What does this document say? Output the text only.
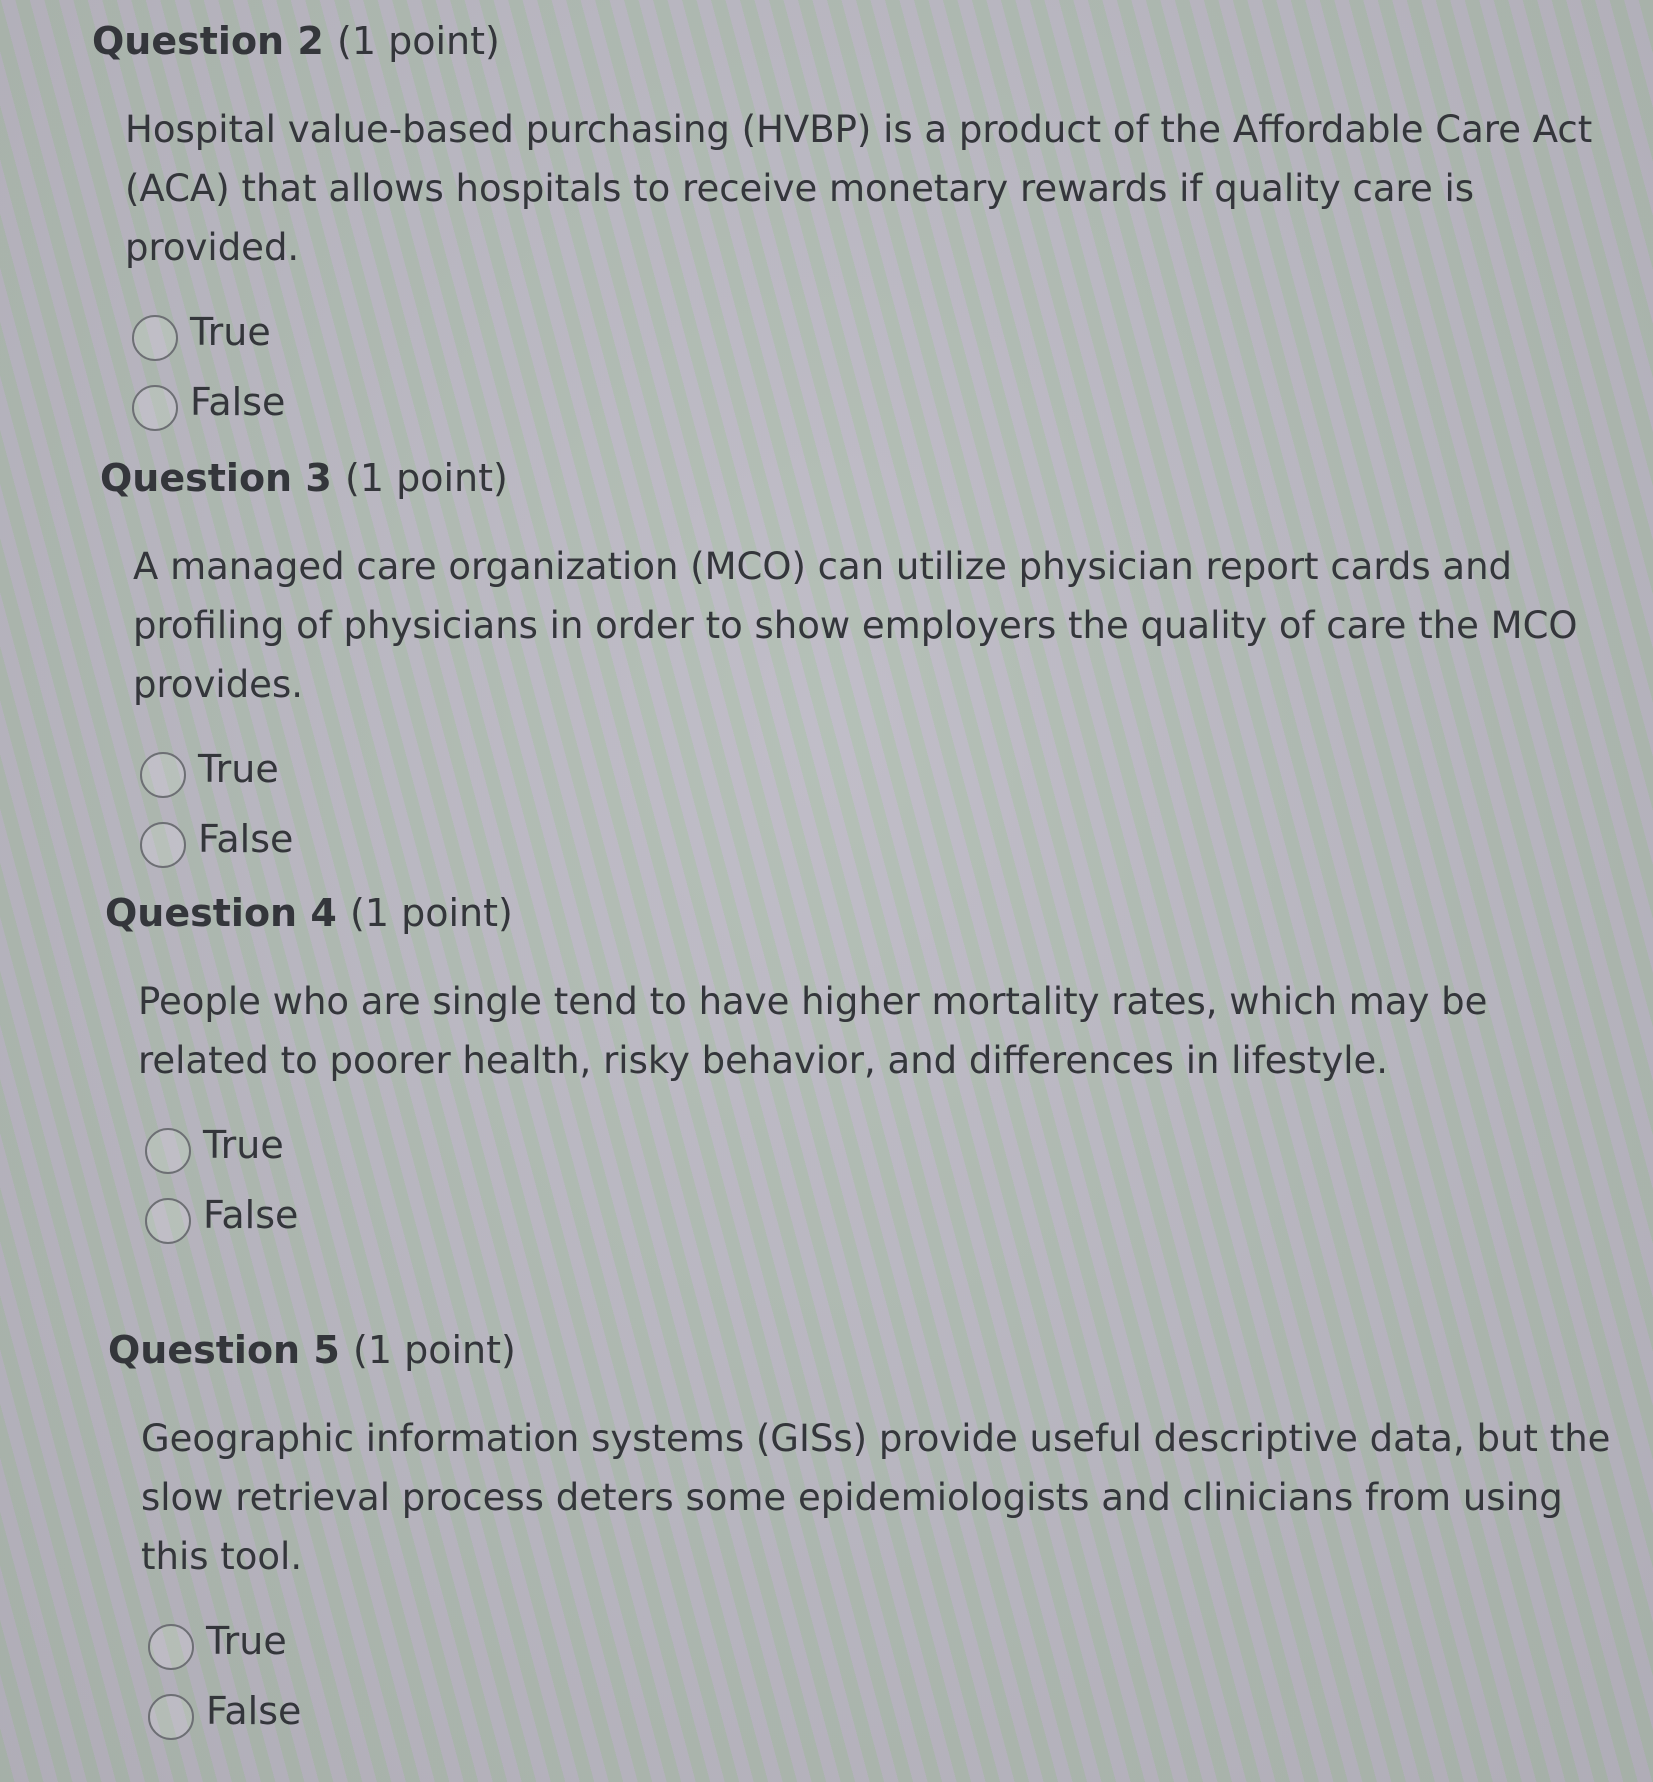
Question 2 (1 point)

Hospital value-based purchasing (HVBP) is a product of the Affordable Care Act (ACA) that allows hospitals to receive monetary rewards if quality care is provided.

True
False
Question 3 (1 point)

A managed care organization (MCO) can utilize physician report cards and profiling of physicians in order to show employers the quality of care the MCO provides.

True
False
Question 4 (1 point)

People who are single tend to have higher mortality rates, which may be related to poorer health, risky behavior, and differences in lifestyle.

True
False
Question 5 (1 point)

Geographic information systems (GISs) provide useful descriptive data, but the slow retrieval process deters some epidemiologists and clinicians from using this tool.

True
False
